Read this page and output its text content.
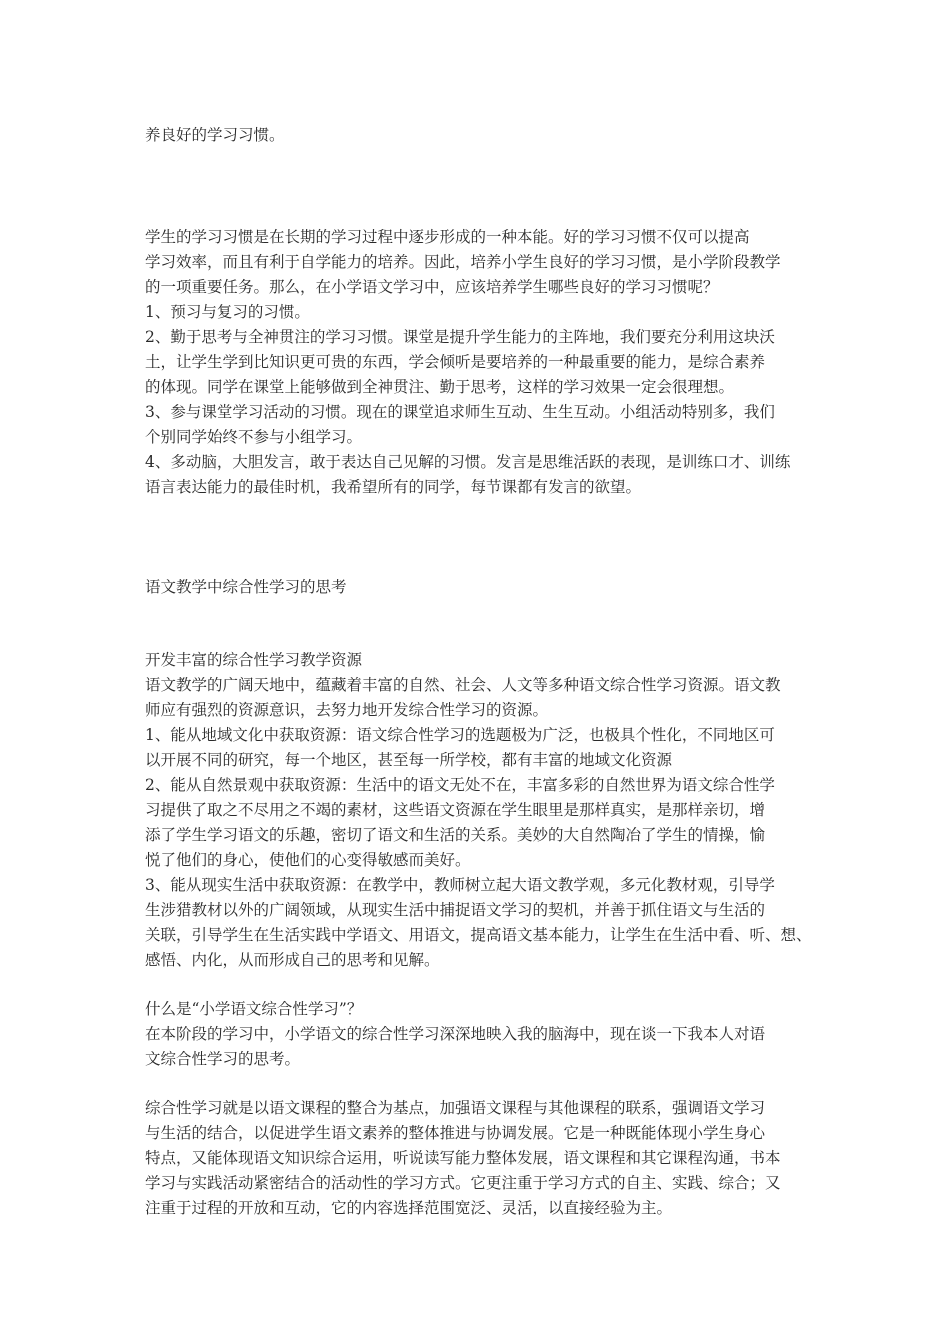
养良好的学习习惯。
学生的学习习惯是在长期的学习过程中逐步形成的一种本能。好的学习习惯不仅可以提高
学习效率，而且有利于自学能力的培养。因此，培养小学生良好的学习习惯，是小学阶段教学
的一项重要任务。那么，在小学语文学习中，应该培养学生哪些良好的学习习惯呢？
1、预习与复习的习惯。
2、勤于思考与全神贯注的学习习惯。课堂是提升学生能力的主阵地，我们要充分利用这块沃
土，让学生学到比知识更可贵的东西，学会倾听是要培养的一种最重要的能力，是综合素养
的体现。同学在课堂上能够做到全神贯注、勤于思考，这样的学习效果一定会很理想。
3、参与课堂学习活动的习惯。现在的课堂追求师生互动、生生互动。小组活动特别多，我们
个别同学始终不参与小组学习。
4、多动脑，大胆发言，敢于表达自己见解的习惯。发言是思维活跃的表现，是训练口才、训练
语言表达能力的最佳时机，我希望所有的同学，每节课都有发言的欲望。
语文教学中综合性学习的思考
开发丰富的综合性学习教学资源
语文教学的广阔天地中，蕴藏着丰富的自然、社会、人文等多种语文综合性学习资源。语文教
师应有强烈的资源意识，去努力地开发综合性学习的资源。
1、能从地域文化中获取资源：语文综合性学习的选题极为广泛，也极具个性化，不同地区可
以开展不同的研究，每一个地区，甚至每一所学校，都有丰富的地域文化资源
2、能从自然景观中获取资源：生活中的语文无处不在，丰富多彩的自然世界为语文综合性学
习提供了取之不尽用之不竭的素材，这些语文资源在学生眼里是那样真实，是那样亲切，增
添了学生学习语文的乐趣，密切了语文和生活的关系。美妙的大自然陶冶了学生的情操，愉
悦了他们的身心，使他们的心变得敏感而美好。
3、能从现实生活中获取资源：在教学中，教师树立起大语文教学观，多元化教材观，引导学
生涉猎教材以外的广阔领域，从现实生活中捕捉语文学习的契机，并善于抓住语文与生活的
关联，引导学生在生活实践中学语文、用语文，提高语文基本能力，让学生在生活中看、听、想、
感悟、内化，从而形成自己的思考和见解。
什么是“小学语文综合性学习”？
在本阶段的学习中，小学语文的综合性学习深深地映入我的脑海中，现在谈一下我本人对语
文综合性学习的思考。
综合性学习就是以语文课程的整合为基点，加强语文课程与其他课程的联系，强调语文学习
与生活的结合，以促进学生语文素养的整体推进与协调发展。它是一种既能体现小学生身心
特点，又能体现语文知识综合运用，听说读写能力整体发展，语文课程和其它课程沟通，书本
学习与实践活动紧密结合的活动性的学习方式。它更注重于学习方式的自主、实践、综合；又
注重于过程的开放和互动，它的内容选择范围宽泛、灵活，以直接经验为主。
